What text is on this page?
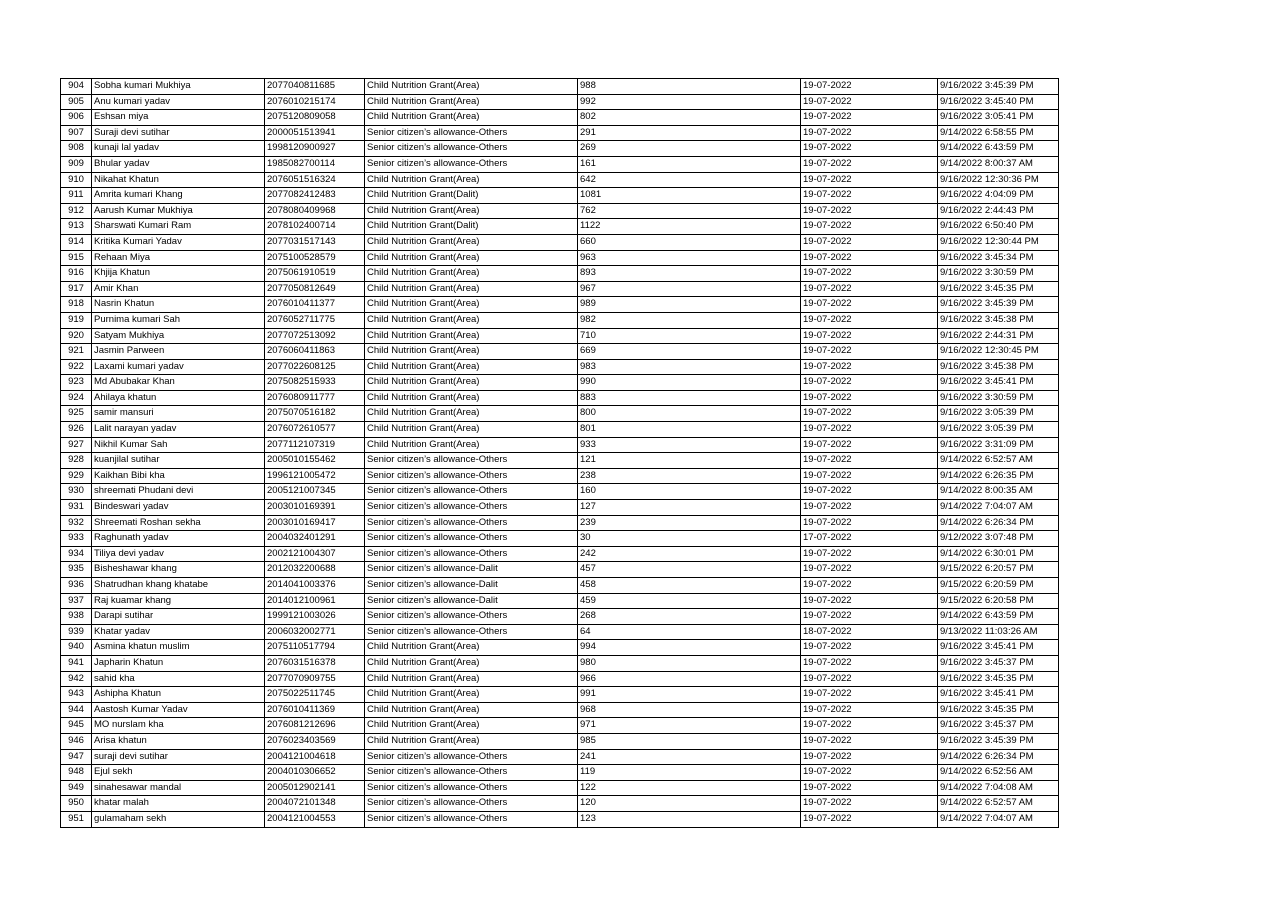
904	Sobha kumari Mukhiya	2077040811685	Child Nutrition Grant(Area)	988	19-07-2022	9/16/2022 3:45:39 PM
905	Anu kumari yadav	2076010215174	Child Nutrition Grant(Area)	992	19-07-2022	9/16/2022 3:45:40 PM
906	Eshsan miya	2075120809058	Child Nutrition Grant(Area)	802	19-07-2022	9/16/2022 3:05:41 PM
907	Suraji devi sutihar	2000051513941	Senior citizen’s allowance-Others	291	19-07-2022	9/14/2022 6:58:55 PM
908	kunaji lal yadav	1998120900927	Senior citizen’s allowance-Others	269	19-07-2022	9/14/2022 6:43:59 PM
909	Bhular yadav	1985082700114	Senior citizen’s allowance-Others	161	19-07-2022	9/14/2022 8:00:37 AM
910	Nikahat Khatun	2076051516324	Child Nutrition Grant(Area)	642	19-07-2022	9/16/2022 12:30:36 PM
911	Amrita kumari Khang	2077082412483	Child Nutrition Grant(Dalit)	1081	19-07-2022	9/16/2022 4:04:09 PM
912	Aarush Kumar Mukhiya	2078080409968	Child Nutrition Grant(Area)	762	19-07-2022	9/16/2022 2:44:43 PM
913	Sharswati Kumari Ram	2078102400714	Child Nutrition Grant(Dalit)	1122	19-07-2022	9/16/2022 6:50:40 PM
914	Kritika Kumari Yadav	2077031517143	Child Nutrition Grant(Area)	660	19-07-2022	9/16/2022 12:30:44 PM
915	Rehaan Miya	2075100528579	Child Nutrition Grant(Area)	963	19-07-2022	9/16/2022 3:45:34 PM
916	Khjija Khatun	2075061910519	Child Nutrition Grant(Area)	893	19-07-2022	9/16/2022 3:30:59 PM
917	Amir Khan	2077050812649	Child Nutrition Grant(Area)	967	19-07-2022	9/16/2022 3:45:35 PM
918	Nasrin Khatun	2076010411377	Child Nutrition Grant(Area)	989	19-07-2022	9/16/2022 3:45:39 PM
919	Purnima kumari Sah	2076052711775	Child Nutrition Grant(Area)	982	19-07-2022	9/16/2022 3:45:38 PM
920	Satyam Mukhiya	2077072513092	Child Nutrition Grant(Area)	710	19-07-2022	9/16/2022 2:44:31 PM
921	Jasmin Parween	2076060411863	Child Nutrition Grant(Area)	669	19-07-2022	9/16/2022 12:30:45 PM
922	Laxami kumari yadav	2077022608125	Child Nutrition Grant(Area)	983	19-07-2022	9/16/2022 3:45:38 PM
923	Md Abubakar Khan	2075082515933	Child Nutrition Grant(Area)	990	19-07-2022	9/16/2022 3:45:41 PM
924	Ahilaya khatun	2076080911777	Child Nutrition Grant(Area)	883	19-07-2022	9/16/2022 3:30:59 PM
925	samir mansuri	2075070516182	Child Nutrition Grant(Area)	800	19-07-2022	9/16/2022 3:05:39 PM
926	Lalit narayan yadav	2076072610577	Child Nutrition Grant(Area)	801	19-07-2022	9/16/2022 3:05:39 PM
927	Nikhil Kumar Sah	2077112107319	Child Nutrition Grant(Area)	933	19-07-2022	9/16/2022 3:31:09 PM
928	kuanjilal sutihar	2005010155462	Senior citizen’s allowance-Others	121	19-07-2022	9/14/2022 6:52:57 AM
929	Kaikhan Bibi kha	1996121005472	Senior citizen’s allowance-Others	238	19-07-2022	9/14/2022 6:26:35 PM
930	shreemati Phudani devi	2005121007345	Senior citizen’s allowance-Others	160	19-07-2022	9/14/2022 8:00:35 AM
931	Bindeswari yadav	2003010169391	Senior citizen’s allowance-Others	127	19-07-2022	9/14/2022 7:04:07 AM
932	Shreemati Roshan sekha	2003010169417	Senior citizen’s allowance-Others	239	19-07-2022	9/14/2022 6:26:34 PM
933	Raghunath yadav	2004032401291	Senior citizen’s allowance-Others	30	17-07-2022	9/12/2022 3:07:48 PM
934	Tiliya devi yadav	2002121004307	Senior citizen’s allowance-Others	242	19-07-2022	9/14/2022 6:30:01 PM
935	Bisheshawar khang	2012032200688	Senior citizen’s allowance-Dalit	457	19-07-2022	9/15/2022 6:20:57 PM
936	Shatrudhan khang khatabe	2014041003376	Senior citizen’s allowance-Dalit	458	19-07-2022	9/15/2022 6:20:59 PM
937	Raj kuamar khang	2014012100961	Senior citizen’s allowance-Dalit	459	19-07-2022	9/15/2022 6:20:58 PM
938	Darapi sutihar	1999121003026	Senior citizen’s allowance-Others	268	19-07-2022	9/14/2022 6:43:59 PM
939	Khatar yadav	2006032002771	Senior citizen’s allowance-Others	64	18-07-2022	9/13/2022 11:03:26 AM
940	Asmina khatun muslim	2075110517794	Child Nutrition Grant(Area)	994	19-07-2022	9/16/2022 3:45:41 PM
941	Japharin Khatun	2076031516378	Child Nutrition Grant(Area)	980	19-07-2022	9/16/2022 3:45:37 PM
942	sahid kha	2077070909755	Child Nutrition Grant(Area)	966	19-07-2022	9/16/2022 3:45:35 PM
943	Ashipha Khatun	2075022511745	Child Nutrition Grant(Area)	991	19-07-2022	9/16/2022 3:45:41 PM
944	Aastosh Kumar Yadav	2076010411369	Child Nutrition Grant(Area)	968	19-07-2022	9/16/2022 3:45:35 PM
945	MO nurslam kha	2076081212696	Child Nutrition Grant(Area)	971	19-07-2022	9/16/2022 3:45:37 PM
946	Arisa khatun	2076023403569	Child Nutrition Grant(Area)	985	19-07-2022	9/16/2022 3:45:39 PM
947	suraji devi sutihar	2004121004618	Senior citizen’s allowance-Others	241	19-07-2022	9/14/2022 6:26:34 PM
948	Ejul sekh	2004010306652	Senior citizen’s allowance-Others	119	19-07-2022	9/14/2022 6:52:56 AM
949	sinahesawar mandal	2005012902141	Senior citizen’s allowance-Others	122	19-07-2022	9/14/2022 7:04:08 AM
950	khatar malah	2004072101348	Senior citizen’s allowance-Others	120	19-07-2022	9/14/2022 6:52:57 AM
951	gulamaham sekh	2004121004553	Senior citizen’s allowance-Others	123	19-07-2022	9/14/2022 7:04:07 AM
